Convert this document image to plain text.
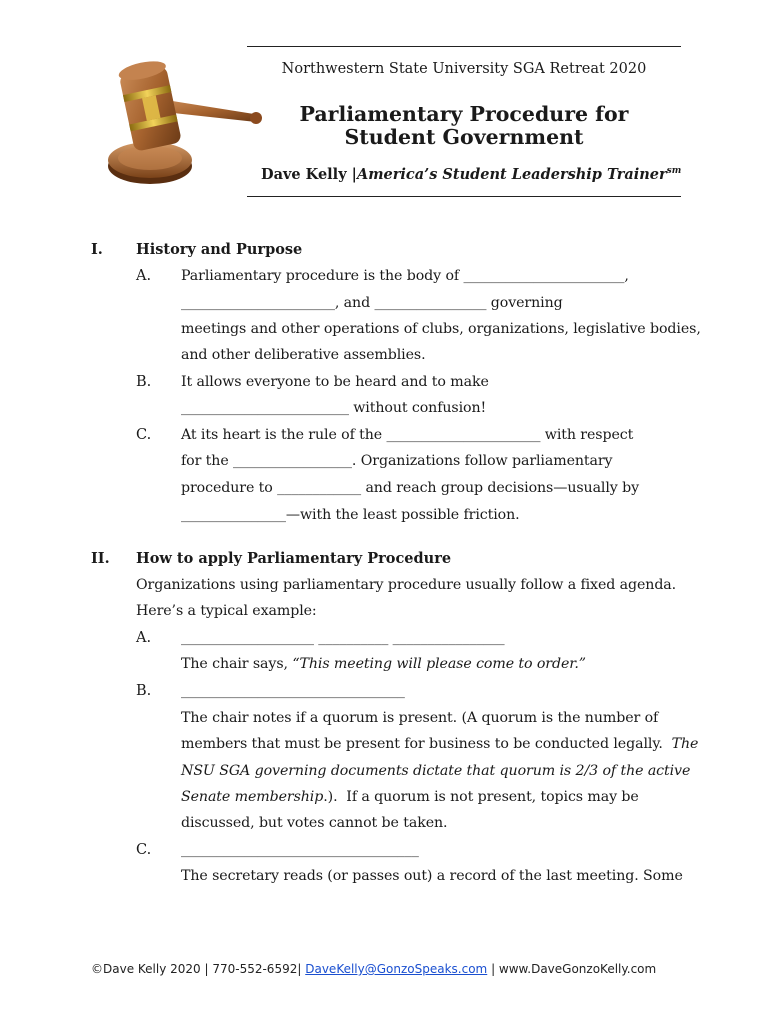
Northwestern State University SGA Retreat 2020
Parliamentary Procedure for
Student Government
Dave Kelly |America’s Student Leadership Trainer$^{sm}$
I. History and Purpose
A. Parliamentary procedure is the body of _______________________,
______________________, and ________________ governing
meetings and other operations of clubs, organizations, legislative bodies,
and other deliberative assemblies.
B. It allows everyone to be heard and to make
________________________ without confusion!
C. At its heart is the rule of the ______________________ with respect
for the _________________. Organizations follow parliamentary
procedure to ____________ and reach group decisions—usually by
_______________—with the least possible friction.
II. How to apply Parliamentary Procedure
Organizations using parliamentary procedure usually follow a fixed agenda.
Here’s a typical example:
A. ___________________ __________ ________________
The chair says, “This meeting will please come to order.”
B. ________________________________
The chair notes if a quorum is present. (A quorum is the number of
members that must be present for business to be conducted legally.  The
NSU SGA governing documents dictate that quorum is 2/3 of the active
Senate membership.).  If a quorum is not present, topics may be
discussed, but votes cannot be taken.
C. __________________________________
The secretary reads (or passes out) a record of the last meeting. Some
©Dave Kelly 2020 | 770-552-6592| DaveKelly@GonzoSpeaks.com | www.DaveGonzoKelly.com
